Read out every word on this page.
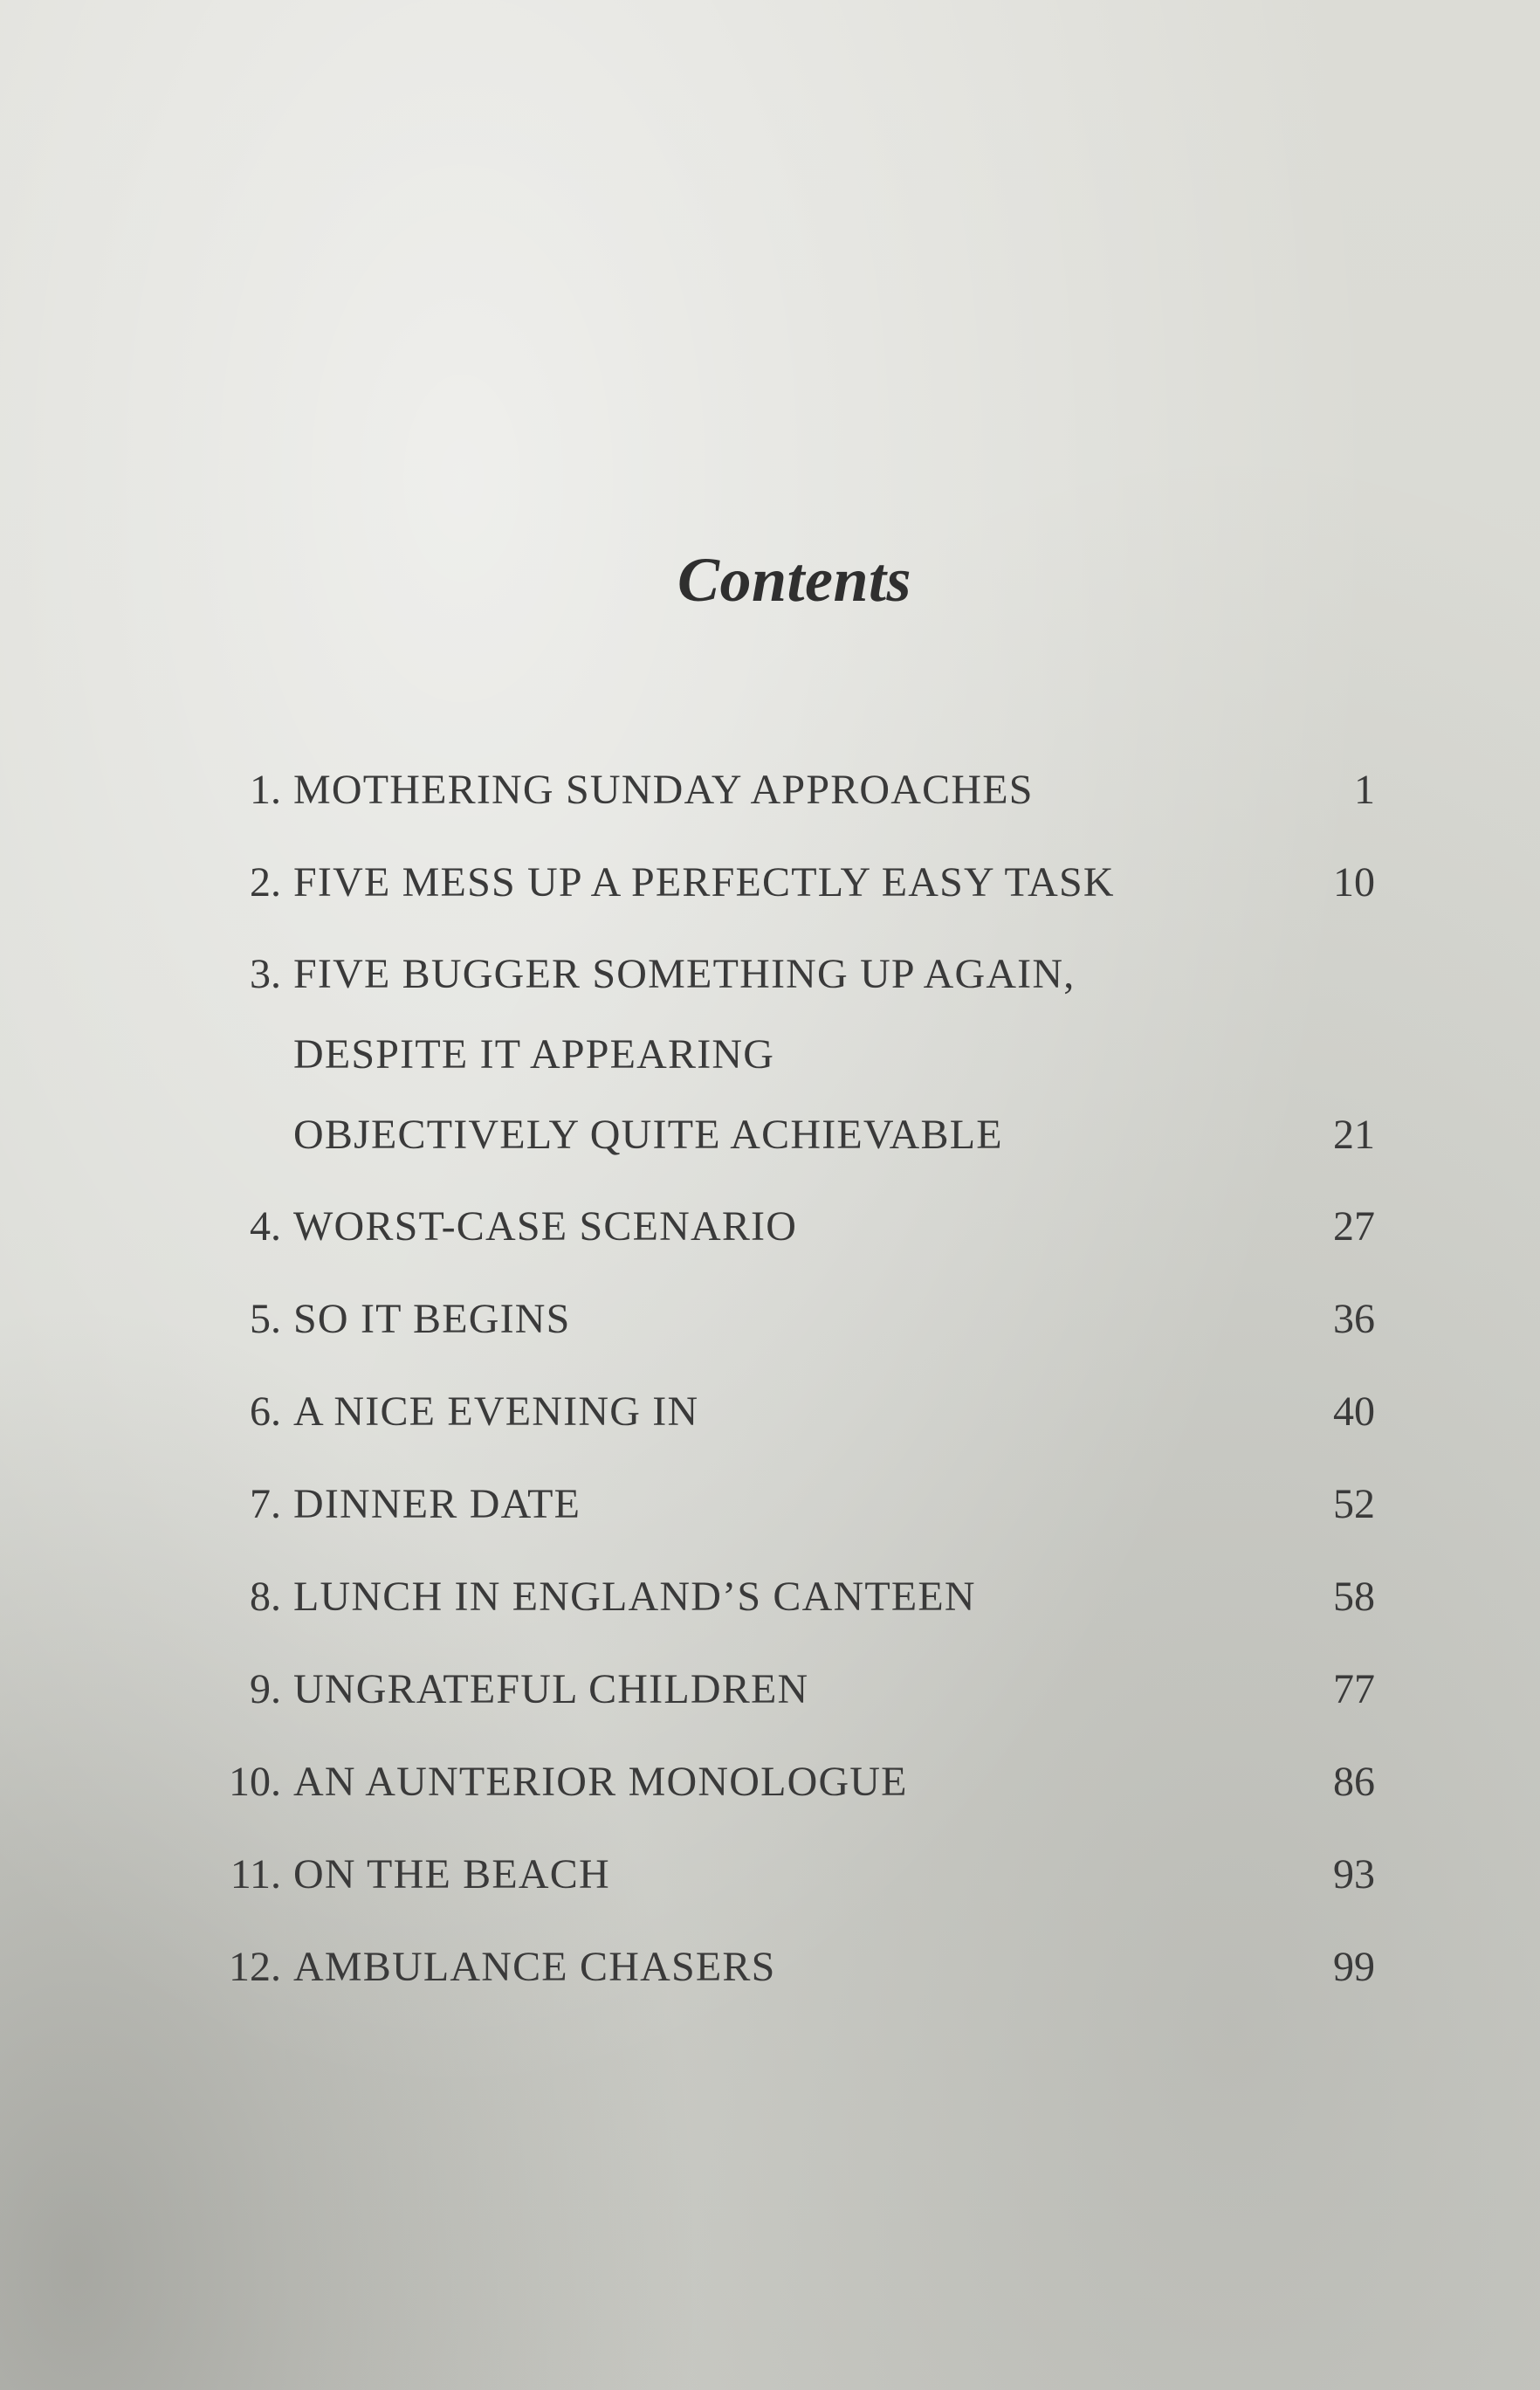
Contents
1. MOTHERING SUNDAY APPROACHES	1
2. FIVE MESS UP A PERFECTLY EASY TASK	10
3. FIVE BUGGER SOMETHING UP AGAIN,
DESPITE IT APPEARING
OBJECTIVELY QUITE ACHIEVABLE	21
4. WORST-CASE SCENARIO	27
5. SO IT BEGINS	36
6. A NICE EVENING IN	40
7. DINNER DATE	52
8. LUNCH IN ENGLAND’S CANTEEN	58
9. UNGRATEFUL CHILDREN	77
10. AN AUNTERIOR MONOLOGUE	86
11. ON THE BEACH	93
12. AMBULANCE CHASERS	99
